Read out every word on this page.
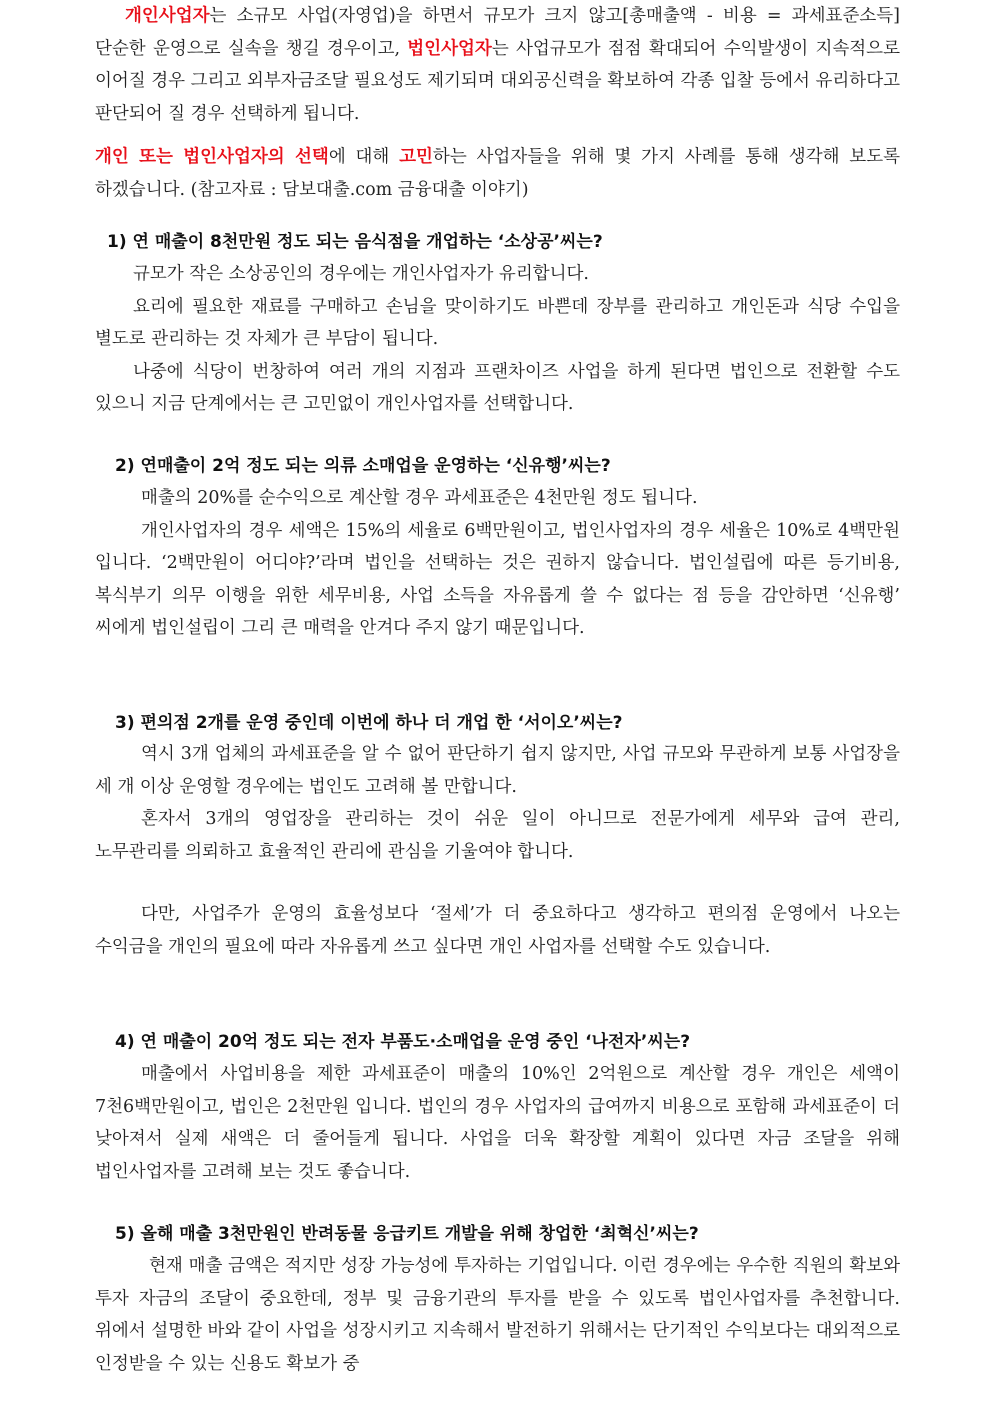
개인사업자는 소규모 사업(자영업)을 하면서 규모가 크지 않고[총매출액 - 비용 = 과세표준소득] 단순한 운영으로 실속을 챙길 경우이고, 법인사업자는 사업규모가 점점 확대되어 수익발생이 지속적으로 이어질 경우 그리고 외부자금조달 필요성도 제기되며 대외공신력을 확보하여 각종 입찰 등에서 유리하다고 판단되어 질 경우 선택하게 됩니다.

개인 또는 법인사업자의 선택에 대해 고민하는 사업자들을 위해 몇 가지 사례를 통해 생각해 보도록 하겠습니다. (참고자료 : 담보대출.com 금융대출 이야기)

1) 연 매출이 8천만원 정도 되는 음식점을 개업하는 ‘소상공’씨는?

규모가 작은 소상공인의 경우에는 개인사업자가 유리합니다.

요리에 필요한 재료를 구매하고 손님을 맞이하기도 바쁜데 장부를 관리하고 개인돈과 식당 수입을 별도로 관리하는 것 자체가 큰 부담이 됩니다.

나중에 식당이 번창하여 여러 개의 지점과 프랜차이즈 사업을 하게 된다면 법인으로 전환할 수도 있으니 지금 단계에서는 큰 고민없이 개인사업자를 선택합니다.

2) 연매출이 2억 정도 되는 의류 소매업을 운영하는 ‘신유행’씨는?

매출의 20%를 순수익으로 계산할 경우 과세표준은 4천만원 정도 됩니다.

개인사업자의 경우 세액은 15%의 세율로 6백만원이고, 법인사업자의 경우 세율은 10%로 4백만원 입니다. ‘2백만원이 어디야?’라며 법인을 선택하는 것은 권하지 않습니다. 법인설립에 따른 등기비용, 복식부기 의무 이행을 위한 세무비용, 사업 소득을 자유롭게 쓸 수 없다는 점 등을 감안하면 ‘신유행’ 씨에게 법인설립이 그리 큰 매력을 안겨다 주지 않기 때문입니다.

3) 편의점 2개를 운영 중인데 이번에 하나 더 개업 한 ‘서이오’씨는?

역시 3개 업체의 과세표준을 알 수 없어 판단하기 쉽지 않지만, 사업 규모와 무관하게 보통 사업장을 세 개 이상 운영할 경우에는 법인도 고려해 볼 만합니다.

혼자서 3개의 영업장을 관리하는 것이 쉬운 일이 아니므로 전문가에게 세무와 급여 관리, 노무관리를 의뢰하고 효율적인 관리에 관심을 기울여야 합니다.

다만, 사업주가 운영의 효율성보다 ‘절세’가 더 중요하다고 생각하고 편의점 운영에서 나오는 수익금을 개인의 필요에 따라 자유롭게 쓰고 싶다면 개인 사업자를 선택할 수도 있습니다.

4) 연 매출이 20억 정도 되는 전자 부품도·소매업을 운영 중인 ‘나전자’씨는?

매출에서 사업비용을 제한 과세표준이 매출의 10%인 2억원으로 계산할 경우 개인은 세액이 7천6백만원이고, 법인은 2천만원 입니다. 법인의 경우 사업자의 급여까지 비용으로 포함해 과세표준이 더 낮아져서 실제 새액은 더 줄어들게 됩니다. 사업을 더욱 확장할 계획이 있다면 자금 조달을 위해 법인사업자를 고려해 보는 것도 좋습니다.

5) 올해 매출 3천만원인 반려동물 응급키트 개발을 위해 창업한 ‘최혁신’씨는?

현재 매출 금액은 적지만 성장 가능성에 투자하는 기업입니다. 이런 경우에는 우수한 직원의 확보와 투자 자금의 조달이 중요한데, 정부 및 금융기관의 투자를 받을 수 있도록 법인사업자를 추천합니다. 위에서 설명한 바와 같이 사업을 성장시키고 지속해서 발전하기 위해서는 단기적인 수익보다는 대외적으로 인정받을 수 있는 신용도 확보가 중
